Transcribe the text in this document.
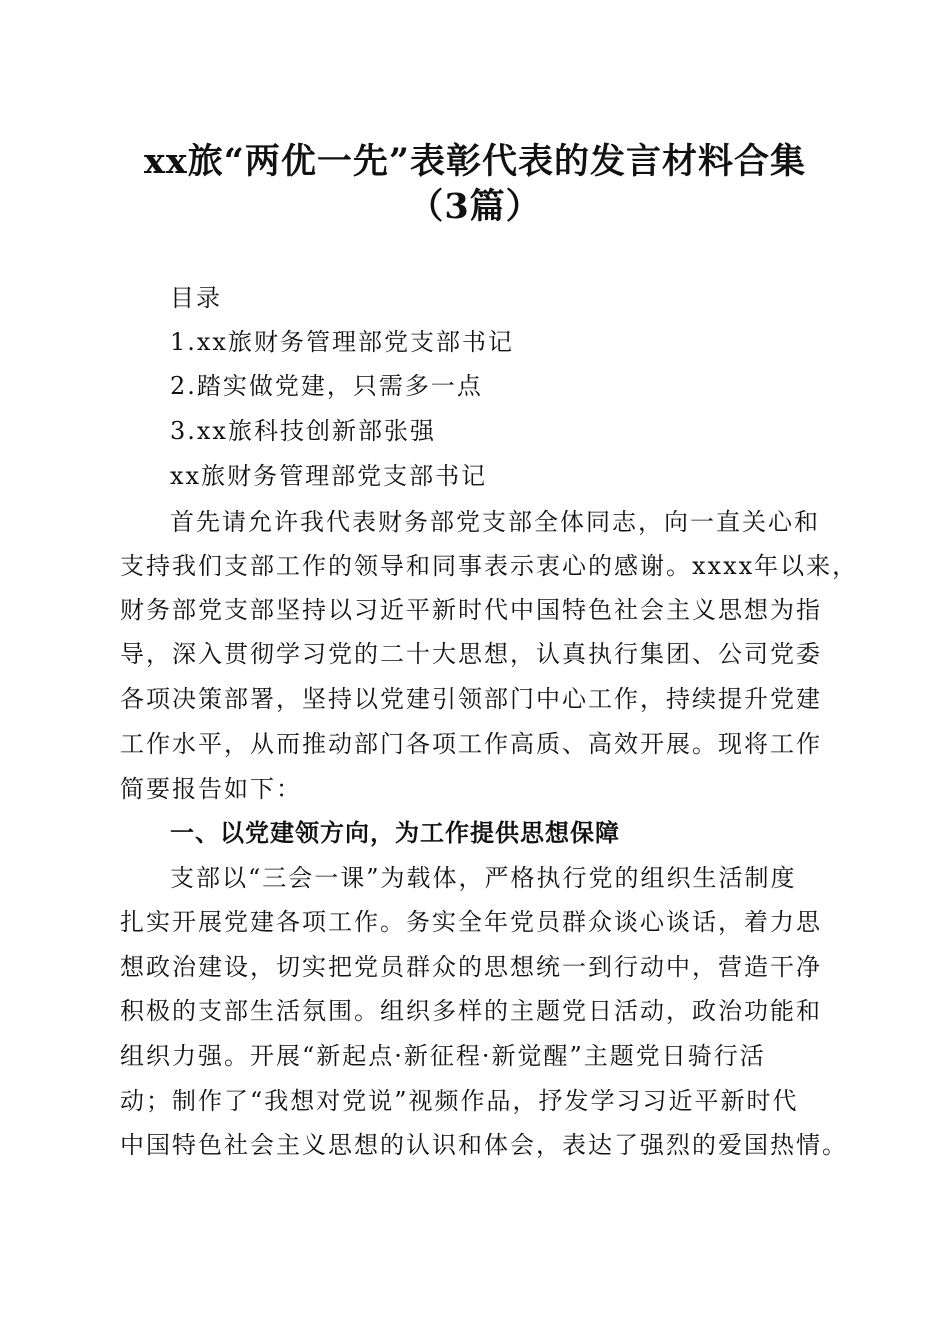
xx旅“两优一先”表彰代表的发言材料合集
（3篇）
目录
1.xx旅财务管理部党支部书记
2.踏实做党建，只需多一点
3.xx旅科技创新部张强
xx旅财务管理部党支部书记
首先请允许我代表财务部党支部全体同志，向一直关心和
支持我们支部工作的领导和同事表示衷心的感谢。xxxx年以来，
财务部党支部坚持以习近平新时代中国特色社会主义思想为指
导，深入贯彻学习党的二十大思想，认真执行集团、公司党委
各项决策部署，坚持以党建引领部门中心工作，持续提升党建
工作水平，从而推动部门各项工作高质、高效开展。现将工作
简要报告如下：
一、以党建领方向，为工作提供思想保障
支部以“三会一课”为载体，严格执行党的组织生活制度
扎实开展党建各项工作。务实全年党员群众谈心谈话，着力思
想政治建设，切实把党员群众的思想统一到行动中，营造干净
积极的支部生活氛围。组织多样的主题党日活动，政治功能和
组织力强。开展“新起点·新征程·新觉醒”主题党日骑行活
动；制作了“我想对党说”视频作品，抒发学习习近平新时代
中国特色社会主义思想的认识和体会，表达了强烈的爱国热情。
